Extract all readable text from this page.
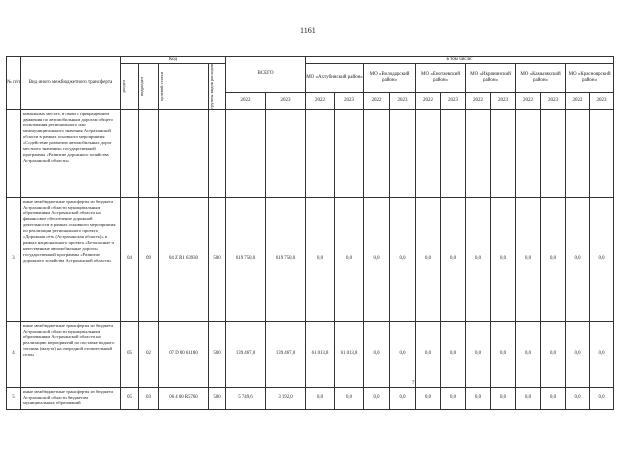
1161
№ п/п	Вид иного межбюджетного трансферта	Код				ВСЕГО		в том числе:											

		раздел	подраздел	целевой статьи	группы видов расходов			МО «Ахтубинский район»		МО «Володарский район»		МО «Енотаевский район»		МО «Икрянинский район»		МО «Камызякский район»		МО «Красноярский район»	
						2022	2023	2022	2023	2022	2023	2022	2023	2022	2023	2022	2023	2022	2023
	нимальных местах, в связи с прекращением движения по автомобильным дорогам общего пользования регионального или межмуниципального значения Астраханской области в рамках основного мероприятия «Содействие развитию автомобильных дорог местного значения» государственной программы «Развитие дорожного хозяйства Астраханской области»																		
3	иные межбюджетные трансферты из бюджета Астраханской области муниципальным образованиям Астраханской области на финансовое обеспечение дорожной деятельности в рамках основного мероприятия по реализации регионального проекта «Дорожная сеть (Астраханская область)» в рамках национального проекта «Безопасные и качественные автомобильные дороги» государственной программы «Развитие дорожного хозяйства Астраханской области»	04	09	04 Z R1 63930	500	619 750,0	619 750,0	0,0	0,0	0,0	0,0	0,0	0,0	0,0	0,0	0,0	0,0	0,0	0,0
4	иные межбюджетные трансферты из бюджета Астраханской области муниципальным образованиям Астраханской области на реализацию мероприятий по поставке водного топлива (мазута) на очередной отопительный сезон	05	02	07 D 00 61180	500	139 467,0	139 467,0	61 013,8	61 013,8	0,0	0,0	0,0	0,0	0,0	0,0	0,0	0,0	0,0	0,0
5	иные межбюджетные трансферты из бюджета Астраханской области бюджетам муниципальных образований	05	03	06 4 00 R5760	500	5 749,6	3 192,0	0,0	0,0	0,0	0,0	0,0	0,0	0,0	0,0	0,0	0,0	0,0	0,0
7
